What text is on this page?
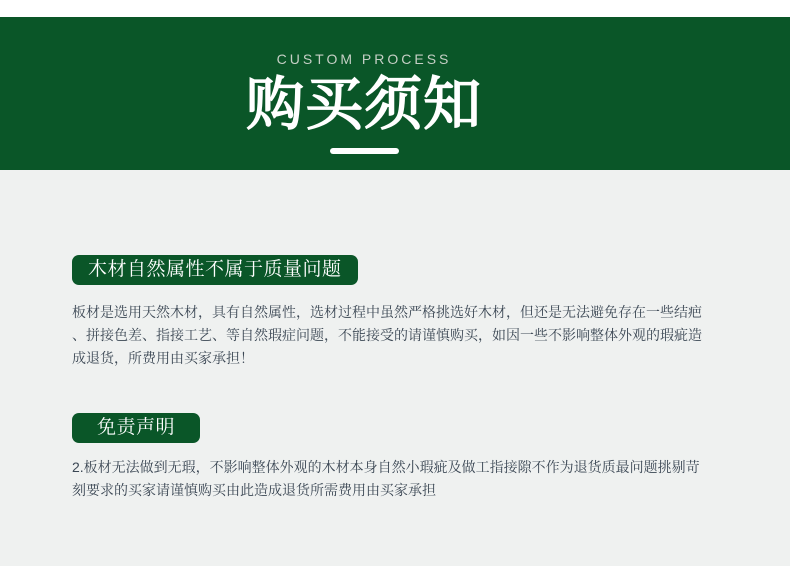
CUSTOM PROCESS
购买须知
木材自然属性不属于质量问题

板材是选用天然木材，具有自然属性，选材过程中虽然严格挑选好木材，但还是无法避免存在一些结疤、拼接色差、指接工艺、等自然瑕症问题，不能接受的请谨慎购买，如因一些不影响整体外观的瑕疵造成退货，所费用由买家承担！

免责声明

2.板材无法做到无瑕，不影响整体外观的木材本身自然小瑕疵及做工指接隙不作为退货质最问题挑剔苛刻要求的买家请谨慎购买由此造成退货所需费用由买家承担
